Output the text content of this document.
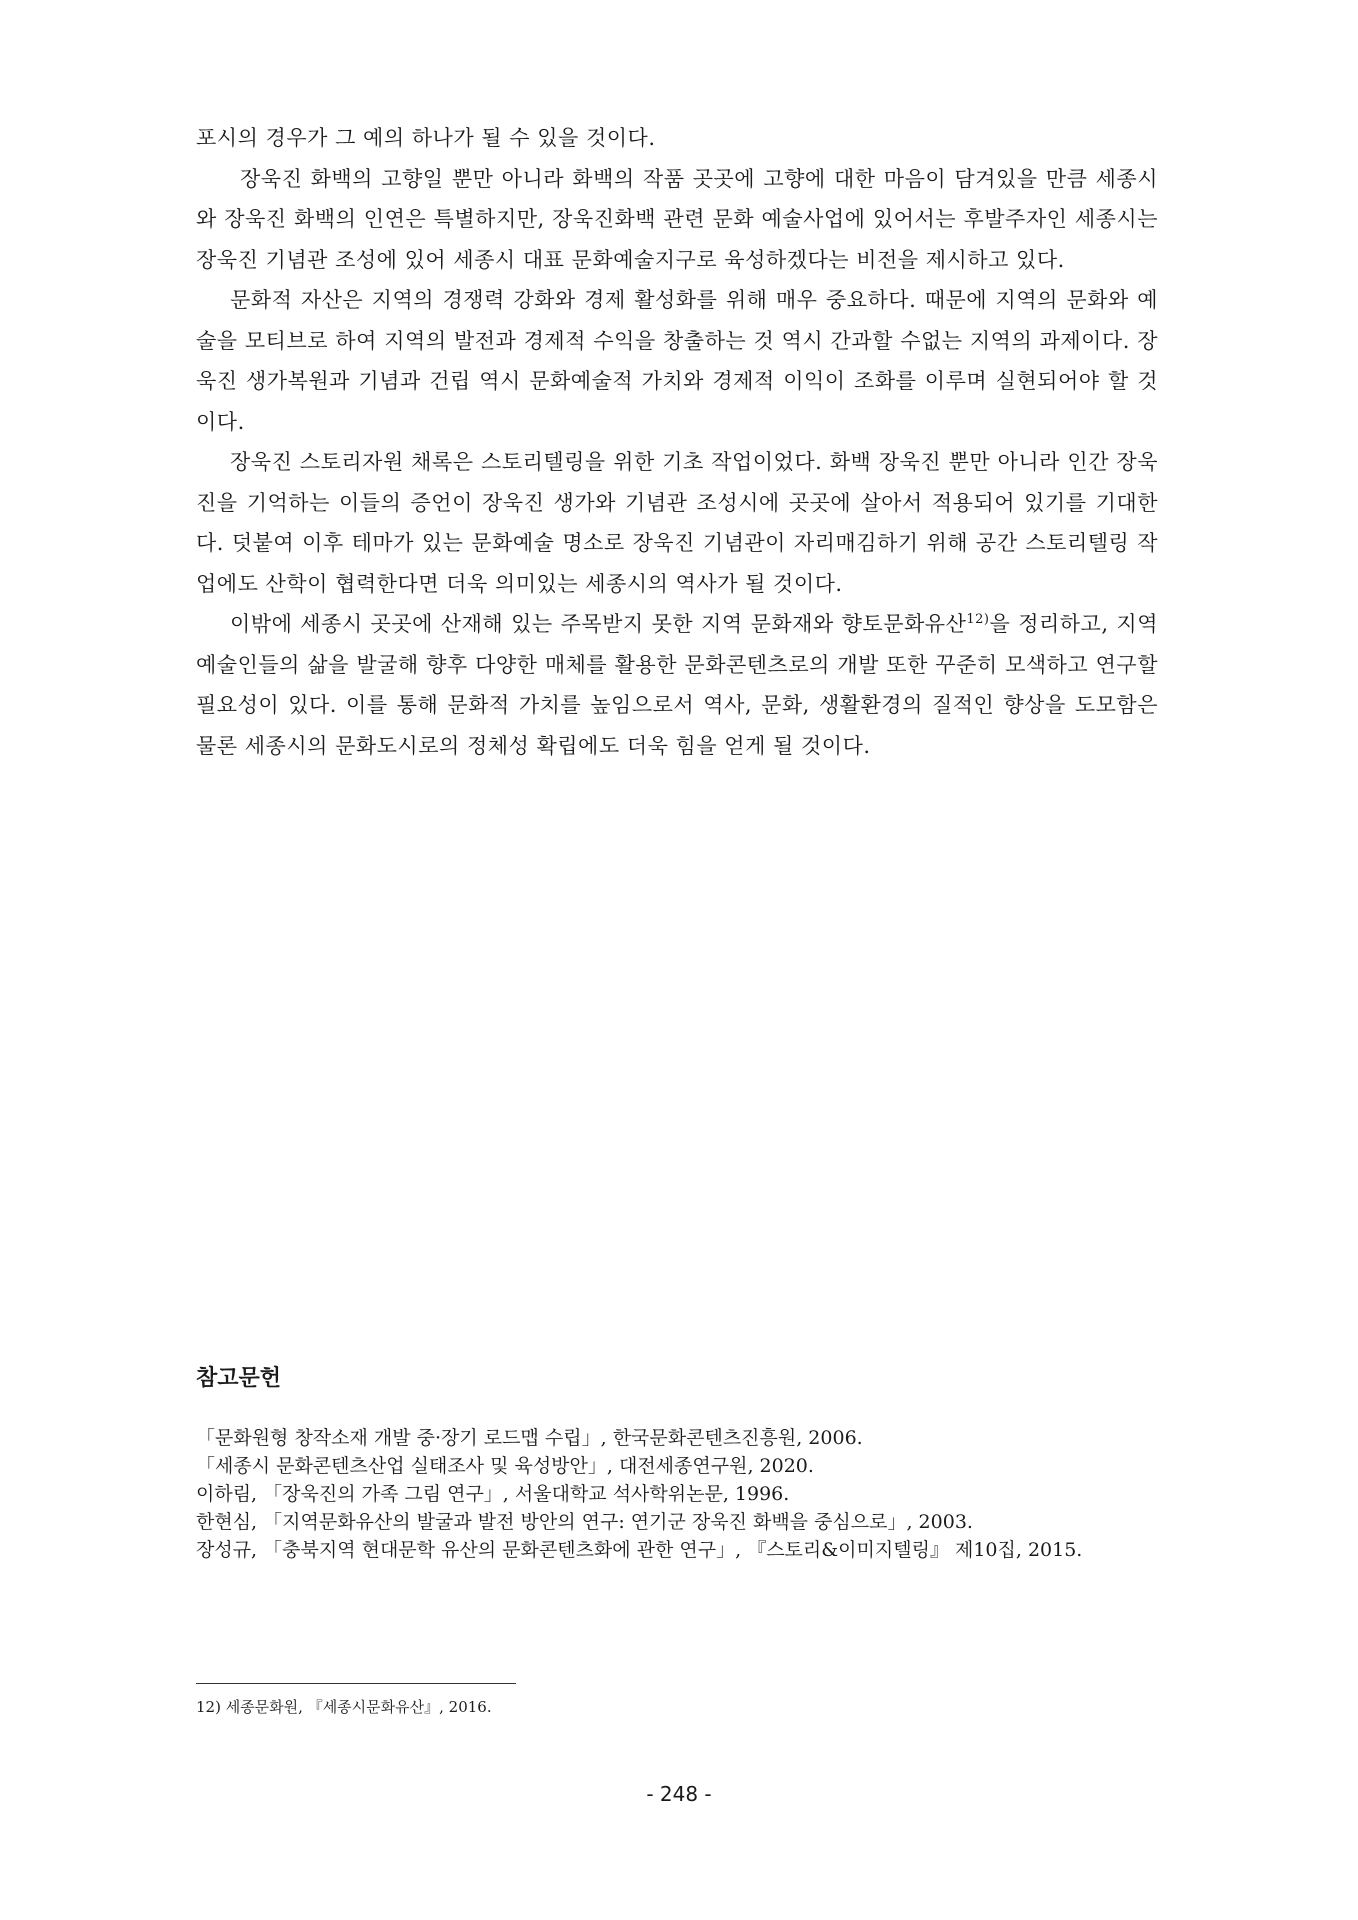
포시의 경우가 그 예의 하나가 될 수 있을 것이다.

장욱진 화백의 고향일 뿐만 아니라 화백의 작품 곳곳에 고향에 대한 마음이 담겨있을 만큼 세종시와 장욱진 화백의 인연은 특별하지만, 장욱진화백 관련 문화 예술사업에 있어서는 후발주자인 세종시는 장욱진 기념관 조성에 있어 세종시 대표 문화예술지구로 육성하겠다는 비전을 제시하고 있다.

문화적 자산은 지역의 경쟁력 강화와 경제 활성화를 위해 매우 중요하다. 때문에 지역의 문화와 예술을 모티브로 하여 지역의 발전과 경제적 수익을 창출하는 것 역시 간과할 수없는 지역의 과제이다. 장욱진 생가복원과 기념과 건립 역시 문화예술적 가치와 경제적 이익이 조화를 이루며 실현되어야 할 것이다.

장욱진 스토리자원 채록은 스토리텔링을 위한 기초 작업이었다. 화백 장욱진 뿐만 아니라 인간 장욱진을 기억하는 이들의 증언이 장욱진 생가와 기념관 조성시에 곳곳에 살아서 적용되어 있기를 기대한다. 덧붙여 이후 테마가 있는 문화예술 명소로 장욱진 기념관이 자리매김하기 위해 공간 스토리텔링 작업에도 산학이 협력한다면 더욱 의미있는 세종시의 역사가 될 것이다.

이밖에 세종시 곳곳에 산재해 있는 주목받지 못한 지역 문화재와 향토문화유산$^{12)}$을 정리하고, 지역예술인들의 삶을 발굴해 향후 다양한 매체를 활용한 문화콘텐츠로의 개발 또한 꾸준히 모색하고 연구할 필요성이 있다. 이를 통해 문화적 가치를 높임으로서 역사, 문화, 생활환경의 질적인 향상을 도모함은 물론 세종시의 문화도시로의 정체성 확립에도 더욱 힘을 얻게 될 것이다.

참고문헌
「문화원형 창작소재 개발 중·장기 로드맵 수립」, 한국문화콘텐츠진흥원, 2006.
「세종시 문화콘텐츠산업 실태조사 및 육성방안」, 대전세종연구원, 2020.
이하림, 「장욱진의 가족 그림 연구」, 서울대학교 석사학위논문, 1996.
한현심, 「지역문화유산의 발굴과 발전 방안의 연구: 연기군 장욱진 화백을 중심으로」, 2003.
장성규, 「충북지역 현대문학 유산의 문화콘텐츠화에 관한 연구」, 『스토리&이미지텔링』 제10집, 2015.

12) 세종문화원, 『세종시문화유산』, 2016.

- 248 -
